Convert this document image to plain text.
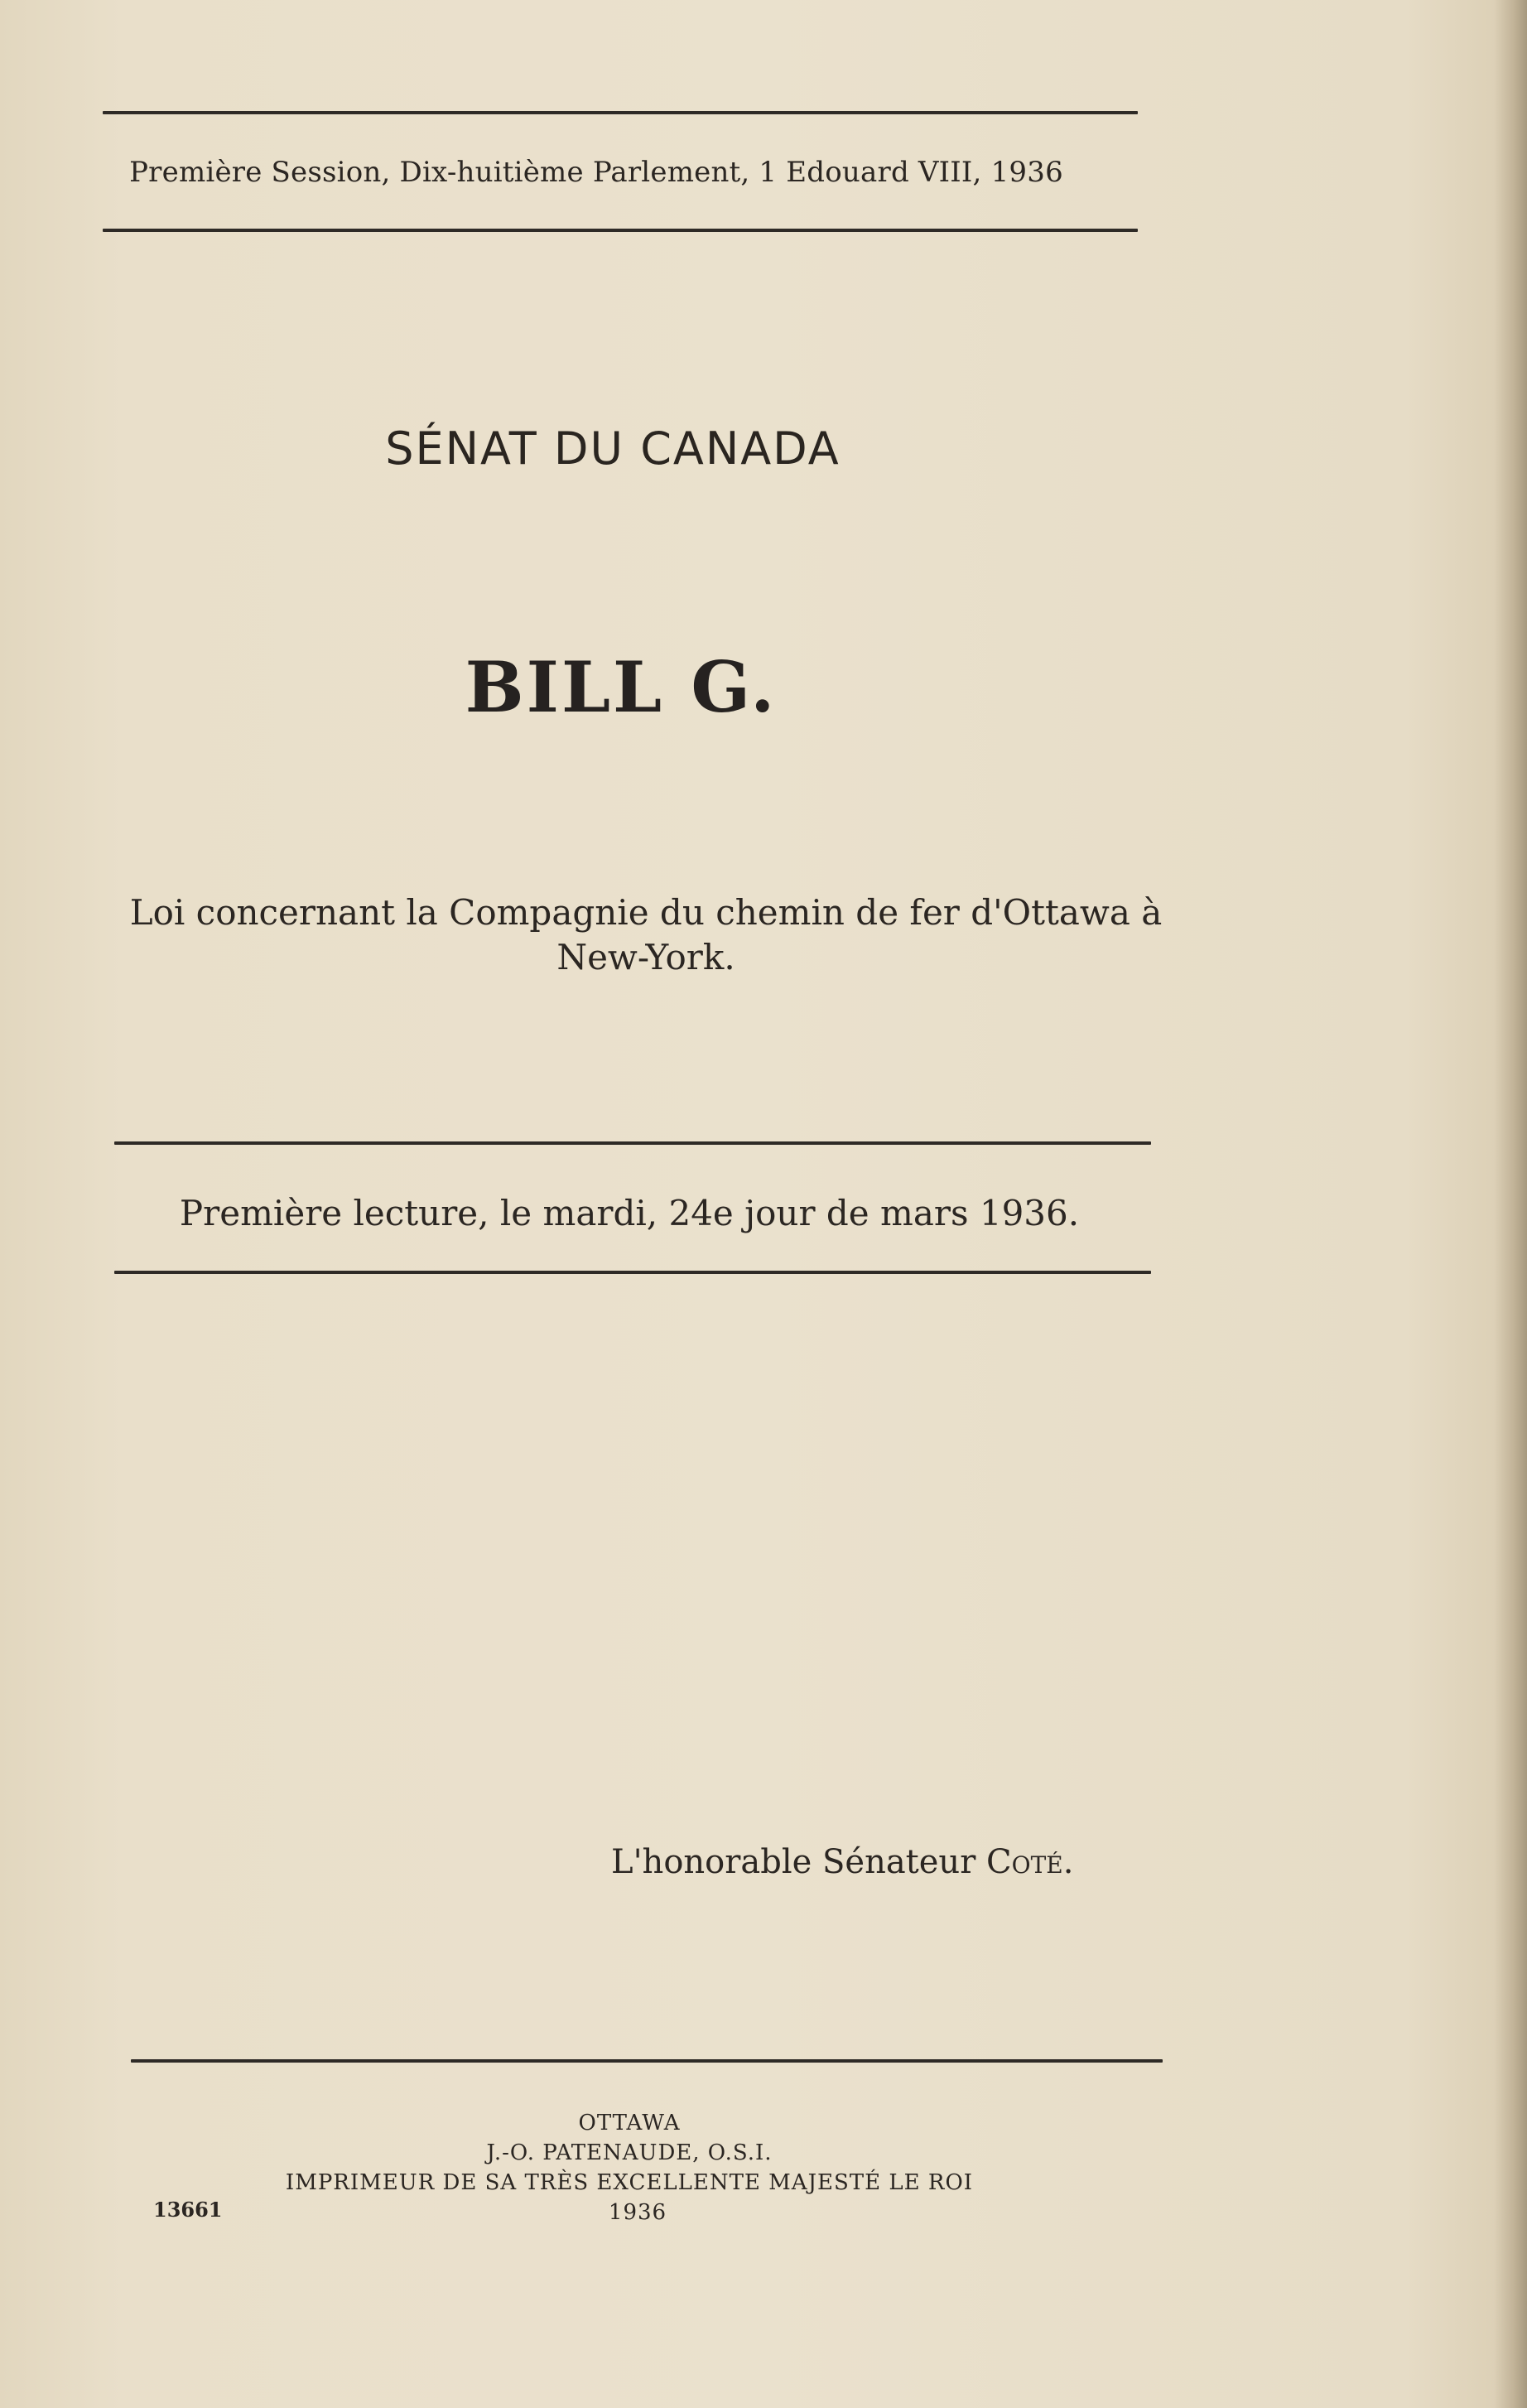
Première Session, Dix-huitième Parlement, 1 Edouard VIII, 1936
SÉNAT DU CANADA
BILL G.
Loi concernant la Compagnie du chemin de fer d'Ottawa à
New-York.
Première lecture, le mardi, 24e jour de mars 1936.
L'honorable Sénateur Coté.
OTTAWA
J.-O. PATENAUDE, O.S.I.
IMPRIMEUR DE SA TRÈS EXCELLENTE MAJESTÉ LE ROI
1936
13661
